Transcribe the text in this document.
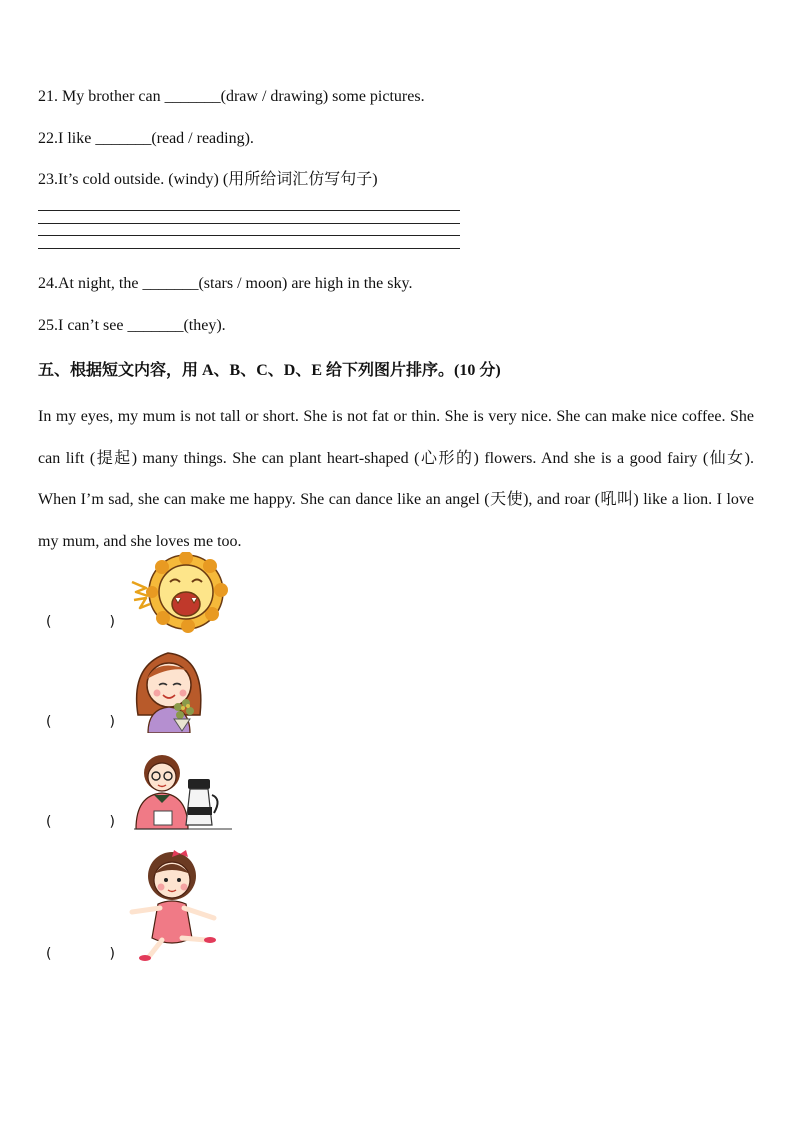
21. My brother can _______(draw / drawing) some pictures.
22.I like _______(read / reading).
23.It’s cold outside. (windy) (用所给词汇仿写句子)
24.At night, the _______(stars / moon) are high in the sky.
25.I can’t see _______(they).
五、根据短文内容，用 A、B、C、D、E 给下列图片排序。(10 分)
In my eyes, my mum is not tall or short. She is not fat or thin. She is very nice. She can make nice coffee. She can lift (提起) many things. She can plant heart-shaped (心形的) flowers. And she is a good fairy (仙女). When I’m sad, she can make me happy. She can dance like an angel (天使), and roar (吼叫) like a lion. I love my mum, and she loves me too.
(	)
(	)
(	)
(	)
